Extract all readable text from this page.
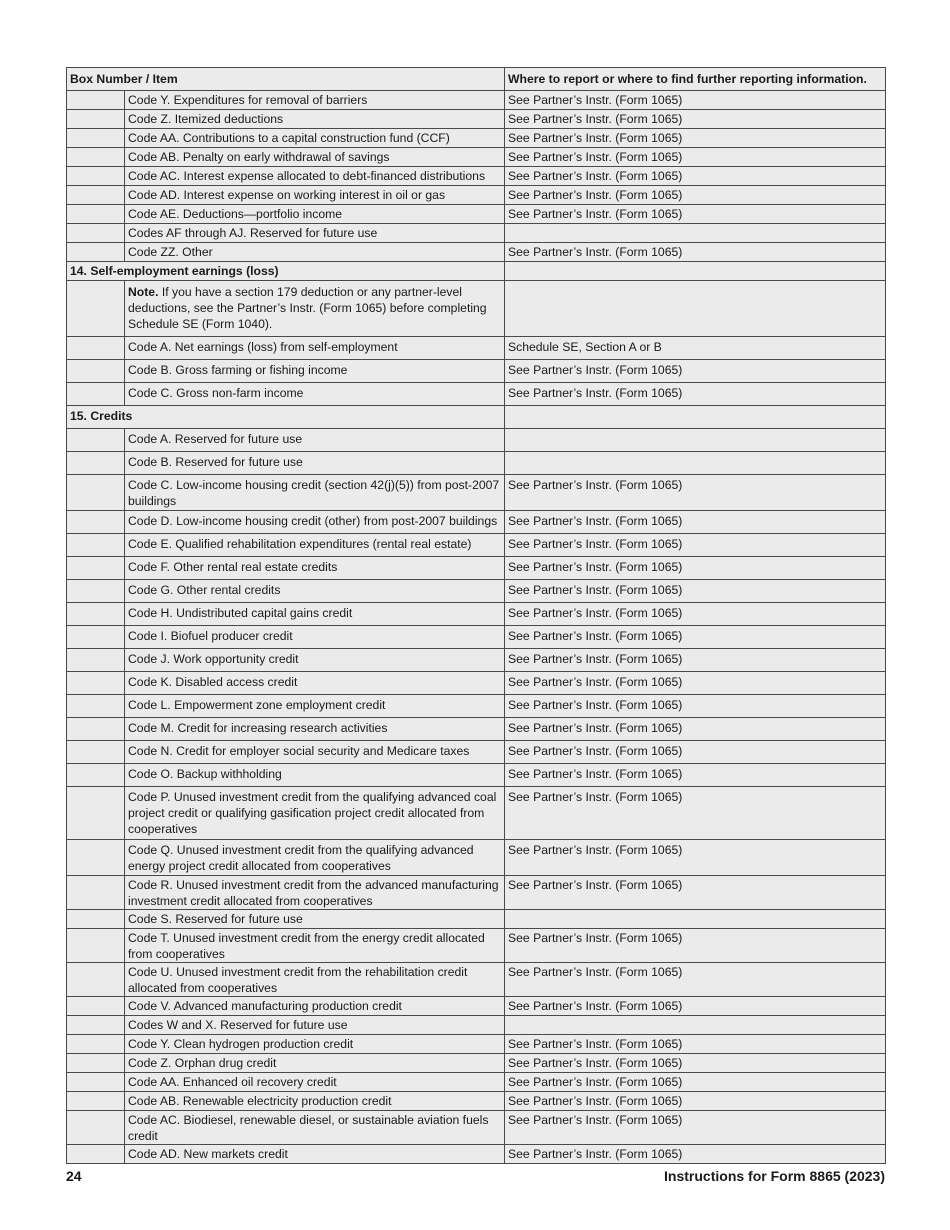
Box Number / Item		Where to report or where to find further reporting information.
	Code Y. Expenditures for removal of barriers	See Partner’s Instr. (Form 1065)
	Code Z. Itemized deductions	See Partner’s Instr. (Form 1065)
	Code AA. Contributions to a capital construction fund (CCF)	See Partner’s Instr. (Form 1065)
	Code AB. Penalty on early withdrawal of savings	See Partner’s Instr. (Form 1065)
	Code AC. Interest expense allocated to debt-financed distributions	See Partner’s Instr. (Form 1065)
	Code AD. Interest expense on working interest in oil or gas	See Partner’s Instr. (Form 1065)
	Code AE. Deductions—portfolio income	See Partner’s Instr. (Form 1065)
	Codes AF through AJ. Reserved for future use	
	Code ZZ. Other	See Partner’s Instr. (Form 1065)
14. Self-employment earnings (loss)		
	Note. If you have a section 179 deduction or any partner-level deductions, see the Partner’s Instr. (Form 1065) before completing Schedule SE (Form 1040).	
	Code A. Net earnings (loss) from self-employment	Schedule SE, Section A or B
	Code B. Gross farming or fishing income	See Partner’s Instr. (Form 1065)
	Code C. Gross non-farm income	See Partner’s Instr. (Form 1065)
15. Credits		
	Code A. Reserved for future use	
	Code B. Reserved for future use	
	Code C. Low-income housing credit (section 42(j)(5)) from post-2007 buildings	See Partner’s Instr. (Form 1065)
	Code D. Low-income housing credit (other) from post-2007 buildings	See Partner’s Instr. (Form 1065)
	Code E. Qualified rehabilitation expenditures (rental real estate)	See Partner’s Instr. (Form 1065)
	Code F. Other rental real estate credits	See Partner’s Instr. (Form 1065)
	Code G. Other rental credits	See Partner’s Instr. (Form 1065)
	Code H. Undistributed capital gains credit	See Partner’s Instr. (Form 1065)
	Code I. Biofuel producer credit	See Partner’s Instr. (Form 1065)
	Code J. Work opportunity credit	See Partner’s Instr. (Form 1065)
	Code K. Disabled access credit	See Partner’s Instr. (Form 1065)
	Code L. Empowerment zone employment credit	See Partner’s Instr. (Form 1065)
	Code M. Credit for increasing research activities	See Partner’s Instr. (Form 1065)
	Code N. Credit for employer social security and Medicare taxes	See Partner’s Instr. (Form 1065)
	Code O. Backup withholding	See Partner’s Instr. (Form 1065)
	Code P. Unused investment credit from the qualifying advanced coal project credit or qualifying gasification project credit allocated from cooperatives	See Partner’s Instr. (Form 1065)
	Code Q. Unused investment credit from the qualifying advanced energy project credit allocated from cooperatives	See Partner’s Instr. (Form 1065)
	Code R. Unused investment credit from the advanced manufacturing investment credit allocated from cooperatives	See Partner’s Instr. (Form 1065)
	Code S. Reserved for future use	
	Code T. Unused investment credit from the energy credit allocated from cooperatives	See Partner’s Instr. (Form 1065)
	Code U. Unused investment credit from the rehabilitation credit allocated from cooperatives	See Partner’s Instr. (Form 1065)
	Code V. Advanced manufacturing production credit	See Partner’s Instr. (Form 1065)
	Codes W and X. Reserved for future use	
	Code Y. Clean hydrogen production credit	See Partner’s Instr. (Form 1065)
	Code Z. Orphan drug credit	See Partner’s Instr. (Form 1065)
	Code AA. Enhanced oil recovery credit	See Partner’s Instr. (Form 1065)
	Code AB. Renewable electricity production credit	See Partner’s Instr. (Form 1065)
	Code AC. Biodiesel, renewable diesel, or sustainable aviation fuels credit	See Partner’s Instr. (Form 1065)
	Code AD. New markets credit	See Partner’s Instr. (Form 1065)
24	Instructions for Form 8865 (2023)
